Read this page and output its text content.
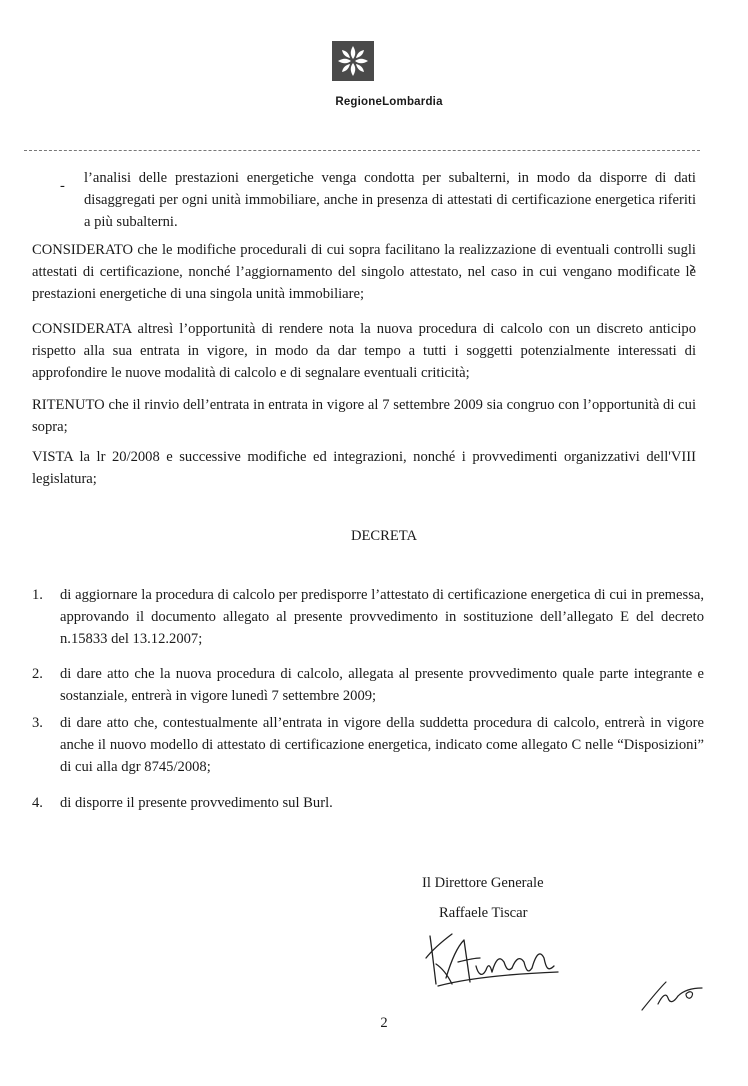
RegioneLombardia
- l’analisi delle prestazioni energetiche venga condotta per subalterni, in modo da disporre di dati disaggregati per ogni unità immobiliare, anche in presenza di attestati di certificazione energetica riferiti a più subalterni.
CONSIDERATO che le modifiche procedurali di cui sopra facilitano la realizzazione di eventuali controlli sugli attestati di certificazione, nonché l’aggiornamento del singolo attestato, nel caso in cui vengano modificate le prestazioni energetiche di una singola unità immobiliare;
CONSIDERATA altresì l’opportunità di rendere nota la nuova procedura di calcolo con un discreto anticipo rispetto alla sua entrata in vigore, in modo da dar tempo a tutti i soggetti potenzialmente interessati di approfondire le nuove modalità di calcolo e di segnalare eventuali criticità;
RITENUTO che il rinvio dell’entrata in entrata in vigore al 7 settembre 2009 sia congruo con l’opportunità di cui sopra;
VISTA la lr 20/2008 e successive modifiche ed integrazioni, nonché i provvedimenti organizzativi dell'VIII legislatura;
DECRETA
1.	di aggiornare la procedura di calcolo per predisporre l’attestato di certificazione energetica di cui in premessa, approvando il documento allegato al presente provvedimento in sostituzione dell’allegato E del decreto n.15833 del 13.12.2007;
2.	di dare atto che la nuova procedura di calcolo, allegata al presente provvedimento quale parte integrante e sostanziale, entrerà in vigore lunedì 7 settembre 2009;
3.	di dare atto che, contestualmente all’entrata in vigore della suddetta procedura di calcolo, entrerà in vigore anche il nuovo modello di attestato di certificazione energetica, indicato come allegato C nelle “Disposizioni” di cui alla dgr 8745/2008;
4.	di disporre il presente provvedimento sul Burl.
Il Direttore Generale
Raffaele Tiscar
2
